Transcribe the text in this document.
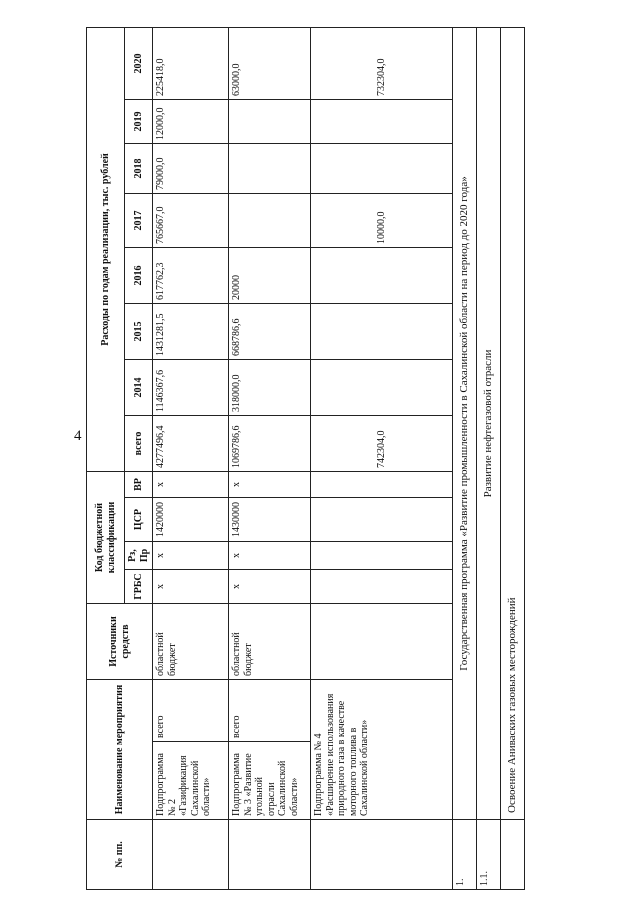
4
№ пп.	Наименование мероприятия		Источники средств	Код бюджетной классификации				Расходы по годам реализации, тыс. рублей							
				ГРБС	Рз, Пр	ЦСР	ВР	всего	2014	2015	2016	2017	2018	2019	2020
	Подпрограмма № 2 «Газификация Сахалинской области»	всего	областной бюджет	х	х	1420000	х	4277496,4	1146367,6	1431281,5	617762,3	765667,0	79000,0	12000,0	225418,0
	Подпрограмма № 3 «Развитие угольной отрасли Сахалинской области»	всего	областной бюджет	х	х	1430000	х	1069786,6	318000,0	668786,6	20000				63000,0
	Подпрограмма № 4 «Расширение использования природного газа в качестве моторного топлива в Сахалинской области»							742304,0				10000,0			732304,0
1.	Государственная программа «Развитие промышленности в Сахалинской области на период до 2020 года»														
1.1.	Развитие нефтегазовой отрасли														
	Освоение Аниваских газовых месторождений														
